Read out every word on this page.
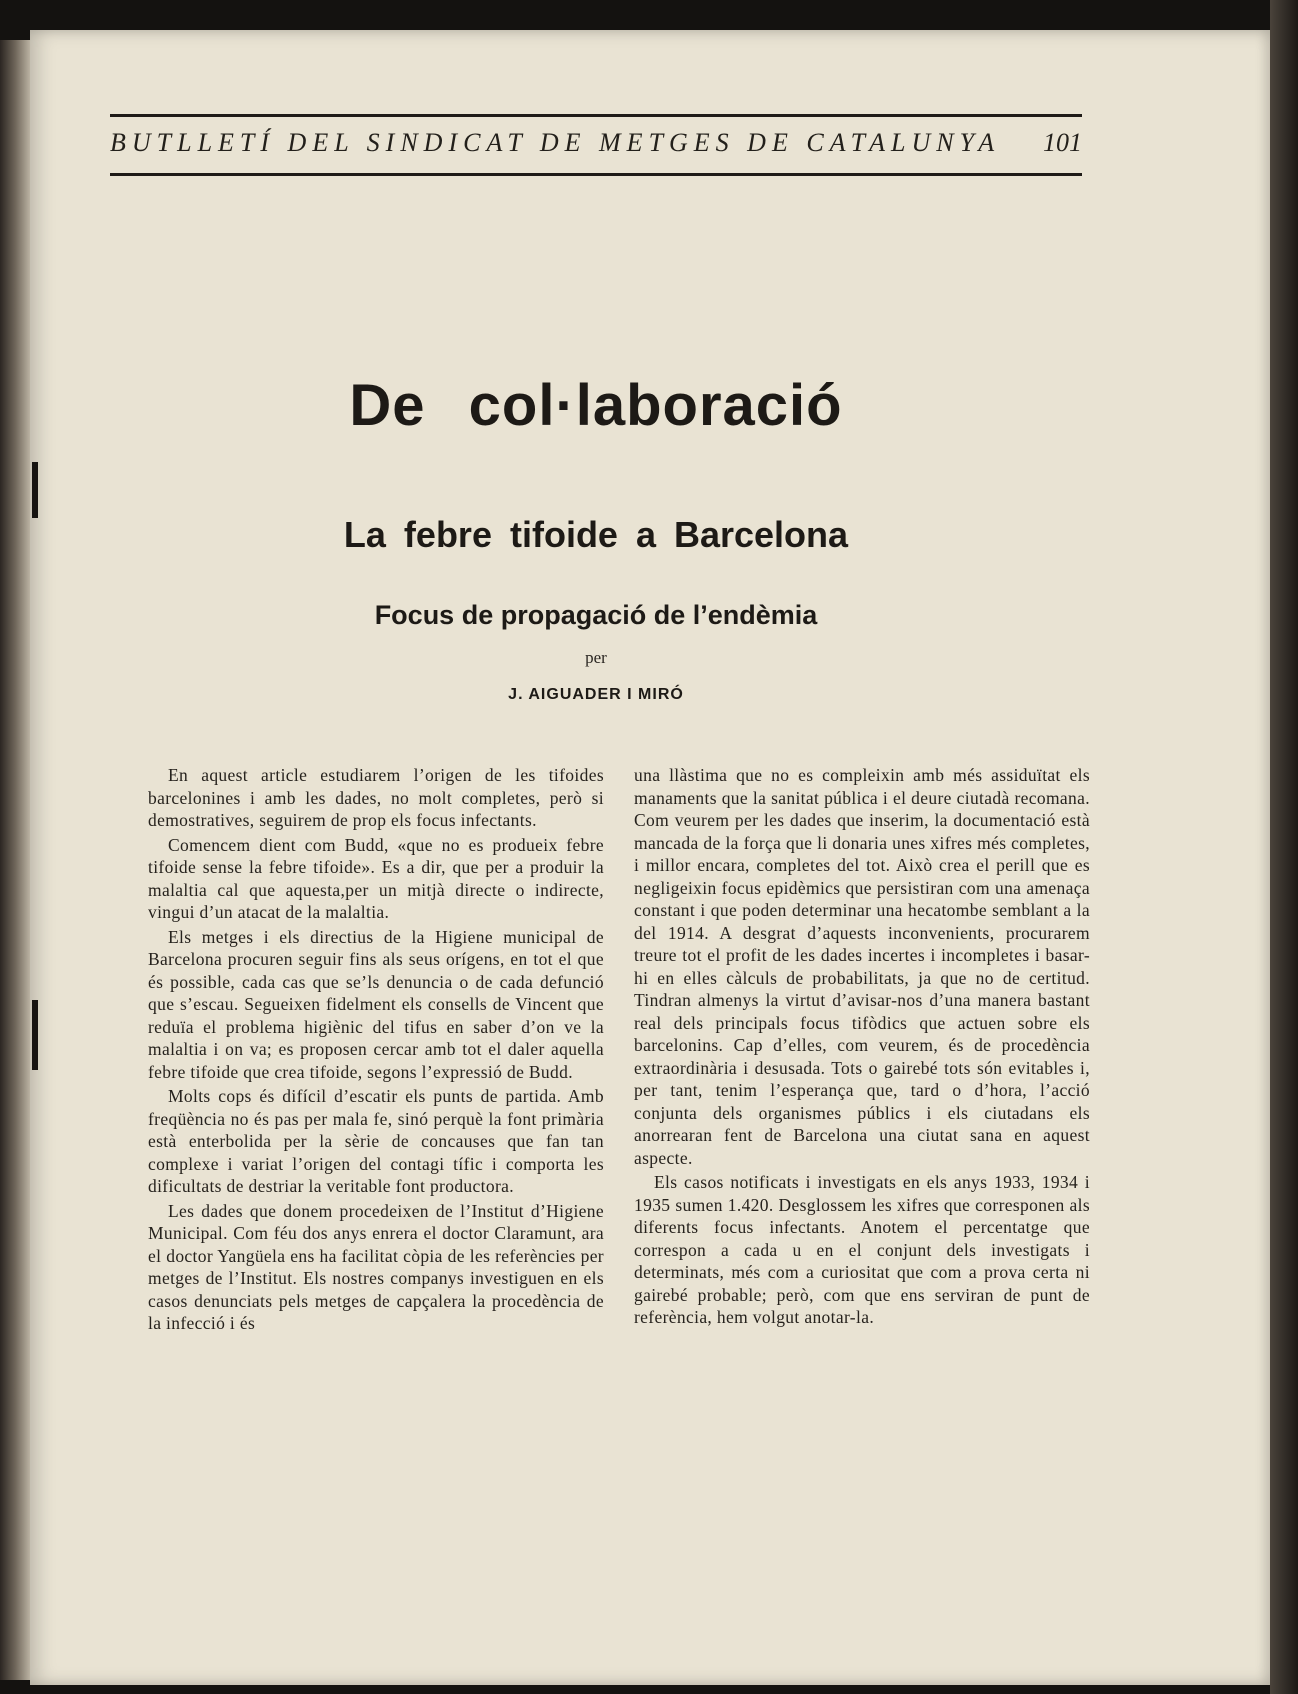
BUTLLETÍ DEL SINDICAT DE METGES DE CATALUNYA	101
De col·laboració
La febre tifoide a Barcelona
Focus de propagació de l’endèmia
per
J. AIGUADER I MIRÓ

En aquest article estudiarem l’origen de les tifoides barcelonines i amb les dades, no molt completes, però si demostratives, seguirem de prop els focus infectants.

Comencem dient com Budd, «que no es produeix febre tifoide sense la febre tifoide». Es a dir, que per a produir la malaltia cal que aquesta,per un mitjà directe o indirecte, vingui d’un atacat de la malaltia.

Els metges i els directius de la Higiene municipal de Barcelona procuren seguir fins als seus orígens, en tot el que és possible, cada cas que se’ls denuncia o de cada defunció que s’escau. Segueixen fidelment els consells de Vincent que reduïa el problema higiènic del tifus en saber d’on ve la malaltia i on va; es proposen cercar amb tot el daler aquella febre tifoide que crea tifoide, segons l’expressió de Budd.

Molts cops és difícil d’escatir els punts de partida. Amb freqüència no és pas per mala fe, sinó perquè la font primària està enterbolida per la sèrie de concauses que fan tan complexe i variat l’origen del contagi tífic i comporta les dificultats de destriar la veritable font productora.

Les dades que donem procedeixen de l’Institut d’Higiene Municipal. Com féu dos anys enrera el doctor Claramunt, ara el doctor Yangüela ens ha facilitat còpia de les referències per metges de l’Institut. Els nostres companys investiguen en els casos denunciats pels metges de capçalera la procedència de la infecció i és

una llàstima que no es compleixin amb més assiduïtat els manaments que la sanitat pública i el deure ciutadà recomana. Com veurem per les dades que inserim, la documentació està mancada de la força que li donaria unes xifres més completes, i millor encara, completes del tot. Això crea el perill que es negligeixin focus epidèmics que persistiran com una amenaça constant i que poden determinar una hecatombe semblant a la del 1914. A desgrat d’aquests inconvenients, procurarem treure tot el profit de les dades incertes i incompletes i basar-hi en elles càlculs de probabilitats, ja que no de certitud. Tindran almenys la virtut d’avisar-nos d’una manera bastant real dels principals focus tifòdics que actuen sobre els barcelonins. Cap d’elles, com veurem, és de procedència extraordinària i desusada. Tots o gairebé tots són evitables i, per tant, tenim l’esperança que, tard o d’hora, l’acció conjunta dels organismes públics i els ciutadans els anorrearan fent de Barcelona una ciutat sana en aquest aspecte.

Els casos notificats i investigats en els anys 1933, 1934 i 1935 sumen 1.420. Desglossem les xifres que corresponen als diferents focus infectants. Anotem el percentatge que correspon a cada u en el conjunt dels investigats i determinats, més com a curiositat que com a prova certa ni gairebé probable; però, com que ens serviran de punt de referència, hem volgut anotar-la.
